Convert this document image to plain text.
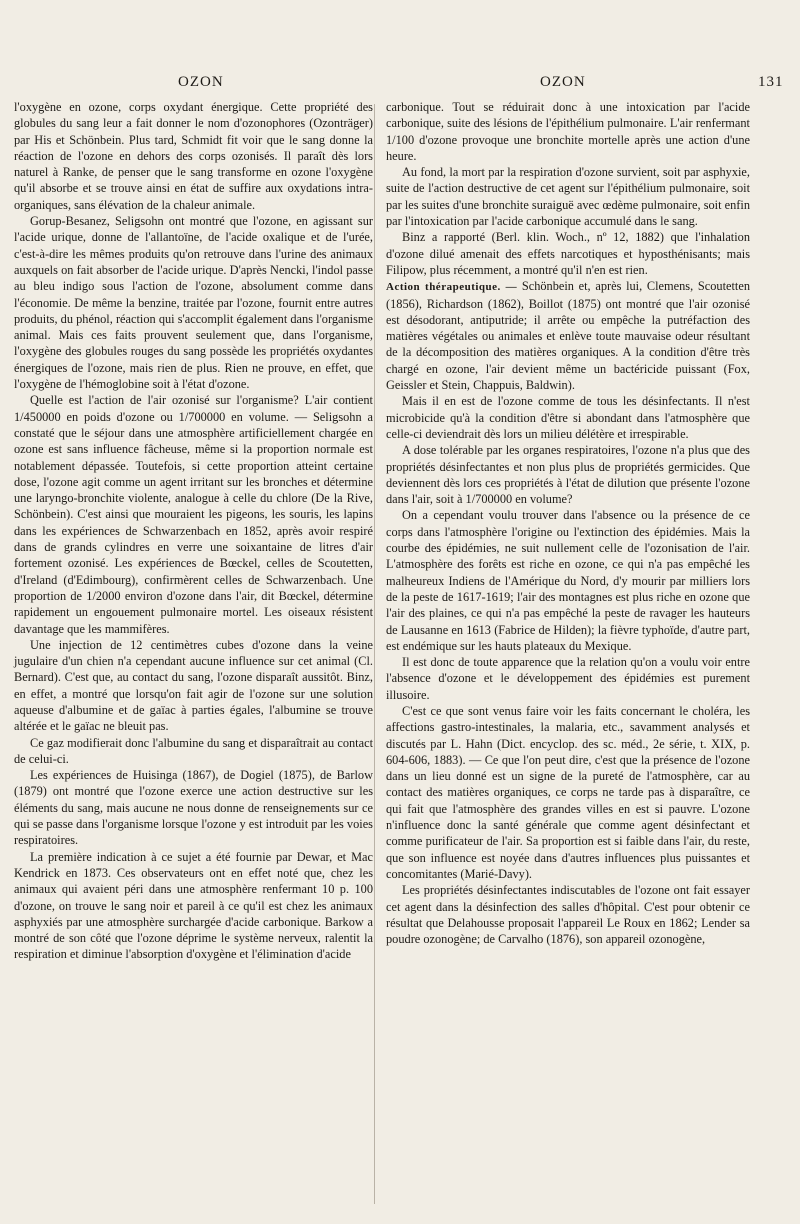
OZON	OZON	131

l'oxygène en ozone, corps oxydant énergique. Cette propriété des globules du sang leur a fait donner le nom d'ozonophores (Ozonträger) par His et Schönbein. Plus tard, Schmidt fit voir que le sang donne la réaction de l'ozone en dehors des corps ozonisés. Il paraît dès lors naturel à Ranke, de penser que le sang transforme en ozone l'oxygène qu'il absorbe et se trouve ainsi en état de suffire aux oxydations intra-organiques, sans élévation de la chaleur animale.

Gorup-Besanez, Seligsohn ont montré que l'ozone, en agissant sur l'acide urique, donne de l'allantoïne, de l'acide oxalique et de l'urée, c'est-à-dire les mêmes produits qu'on retrouve dans l'urine des animaux auxquels on fait absorber de l'acide urique. D'après Nencki, l'indol passe au bleu indigo sous l'action de l'ozone, absolument comme dans l'économie. De même la benzine, traitée par l'ozone, fournit entre autres produits, du phénol, réaction qui s'accomplit également dans l'organisme animal. Mais ces faits prouvent seulement que, dans l'organisme, l'oxygène des globules rouges du sang possède les propriétés oxydantes énergiques de l'ozone, mais rien de plus. Rien ne prouve, en effet, que l'oxygène de l'hémoglobine soit à l'état d'ozone.

Quelle est l'action de l'air ozonisé sur l'organisme? L'air contient 1/450000 en poids d'ozone ou 1/700000 en volume. — Seligsohn a constaté que le séjour dans une atmosphère artificiellement chargée en ozone est sans influence fâcheuse, même si la proportion normale est notablement dépassée. Toutefois, si cette proportion atteint certaine dose, l'ozone agit comme un agent irritant sur les bronches et détermine une laryngo-bronchite violente, analogue à celle du chlore (De la Rive, Schönbein). C'est ainsi que mouraient les pigeons, les souris, les lapins dans les expériences de Schwarzenbach en 1852, après avoir respiré dans de grands cylindres en verre une soixantaine de litres d'air fortement ozonisé. Les expériences de Bœckel, celles de Scoutetten, d'Ireland (d'Edimbourg), confirmèrent celles de Schwarzenbach. Une proportion de 1/2000 environ d'ozone dans l'air, dit Bœckel, détermine rapidement un engouement pulmonaire mortel. Les oiseaux résistent davantage que les mammifères.

Une injection de 12 centimètres cubes d'ozone dans la veine jugulaire d'un chien n'a cependant aucune influence sur cet animal (Cl. Bernard). C'est que, au contact du sang, l'ozone disparaît aussitôt. Binz, en effet, a montré que lorsqu'on fait agir de l'ozone sur une solution aqueuse d'albumine et de gaïac à parties égales, l'albumine se trouve altérée et le gaïac ne bleuit pas.

Ce gaz modifierait donc l'albumine du sang et disparaîtrait au contact de celui-ci.

Les expériences de Huisinga (1867), de Dogiel (1875), de Barlow (1879) ont montré que l'ozone exerce une action destructive sur les éléments du sang, mais aucune ne nous donne de renseignements sur ce qui se passe dans l'organisme lorsque l'ozone y est introduit par les voies respiratoires.

La première indication à ce sujet a été fournie par Dewar, et Mac Kendrick en 1873. Ces observateurs ont en effet noté que, chez les animaux qui avaient péri dans une atmosphère renfermant 10 p. 100 d'ozone, on trouve le sang noir et pareil à ce qu'il est chez les animaux asphyxiés par une atmosphère surchargée d'acide carbonique. Barkow a montré de son côté que l'ozone déprime le système nerveux, ralentit la respiration et diminue l'absorption d'oxygène et l'élimination d'acide

carbonique. Tout se réduirait donc à une intoxication par l'acide carbonique, suite des lésions de l'épithélium pulmonaire. L'air renfermant 1/100 d'ozone provoque une bronchite mortelle après une action d'une heure.

Au fond, la mort par la respiration d'ozone survient, soit par asphyxie, suite de l'action destructive de cet agent sur l'épithélium pulmonaire, soit par les suites d'une bronchite suraiguë avec œdème pulmonaire, soit enfin par l'intoxication par l'acide carbonique accumulé dans le sang.

Binz a rapporté (Berl. klin. Woch., nº 12, 1882) que l'inhalation d'ozone dilué amenait des effets narcotiques et hyposthénisants; mais Filipow, plus récemment, a montré qu'il n'en est rien.

Action thérapeutique. — Schönbein et, après lui, Clemens, Scoutetten (1856), Richardson (1862), Boillot (1875) ont montré que l'air ozonisé est désodorant, antiputride; il arrête ou empêche la putréfaction des matières végétales ou animales et enlève toute mauvaise odeur résultant de la décomposition des matières organiques. A la condition d'être très chargé en ozone, l'air devient même un bactéricide puissant (Fox, Geissler et Stein, Chappuis, Baldwin).

Mais il en est de l'ozone comme de tous les désinfectants. Il n'est microbicide qu'à la condition d'être si abondant dans l'atmosphère que celle-ci deviendrait dès lors un milieu délétère et irrespirable.

A dose tolérable par les organes respiratoires, l'ozone n'a plus que des propriétés désinfectantes et non plus plus de propriétés germicides. Que deviennent dès lors ces propriétés à l'état de dilution que présente l'ozone dans l'air, soit à 1/700000 en volume?

On a cependant voulu trouver dans l'absence ou la présence de ce corps dans l'atmosphère l'origine ou l'extinction des épidémies. Mais la courbe des épidémies, ne suit nullement celle de l'ozonisation de l'air. L'atmosphère des forêts est riche en ozone, ce qui n'a pas empêché les malheureux Indiens de l'Amérique du Nord, d'y mourir par milliers lors de la peste de 1617-1619; l'air des montagnes est plus riche en ozone que l'air des plaines, ce qui n'a pas empêché la peste de ravager les hauteurs de Lausanne en 1613 (Fabrice de Hilden); la fièvre typhoïde, d'autre part, est endémique sur les hauts plateaux du Mexique.

Il est donc de toute apparence que la relation qu'on a voulu voir entre l'absence d'ozone et le développement des épidémies est purement illusoire.

C'est ce que sont venus faire voir les faits concernant le choléra, les affections gastro-intestinales, la malaria, etc., savamment analysés et discutés par L. Hahn (Dict. encyclop. des sc. méd., 2e série, t. XIX, p. 604-606, 1883). — Ce que l'on peut dire, c'est que la présence de l'ozone dans un lieu donné est un signe de la pureté de l'atmosphère, car au contact des matières organiques, ce corps ne tarde pas à disparaître, ce qui fait que l'atmosphère des grandes villes en est si pauvre. L'ozone n'influence donc la santé générale que comme agent désinfectant et comme purificateur de l'air. Sa proportion est si faible dans l'air, du reste, que son influence est noyée dans d'autres influences plus puissantes et concomitantes (Marié-Davy).

Les propriétés désinfectantes indiscutables de l'ozone ont fait essayer cet agent dans la désinfection des salles d'hôpital. C'est pour obtenir ce résultat que Delahousse proposait l'appareil Le Roux en 1862; Lender sa poudre ozonogène; de Carvalho (1876), son appareil ozonogène,
